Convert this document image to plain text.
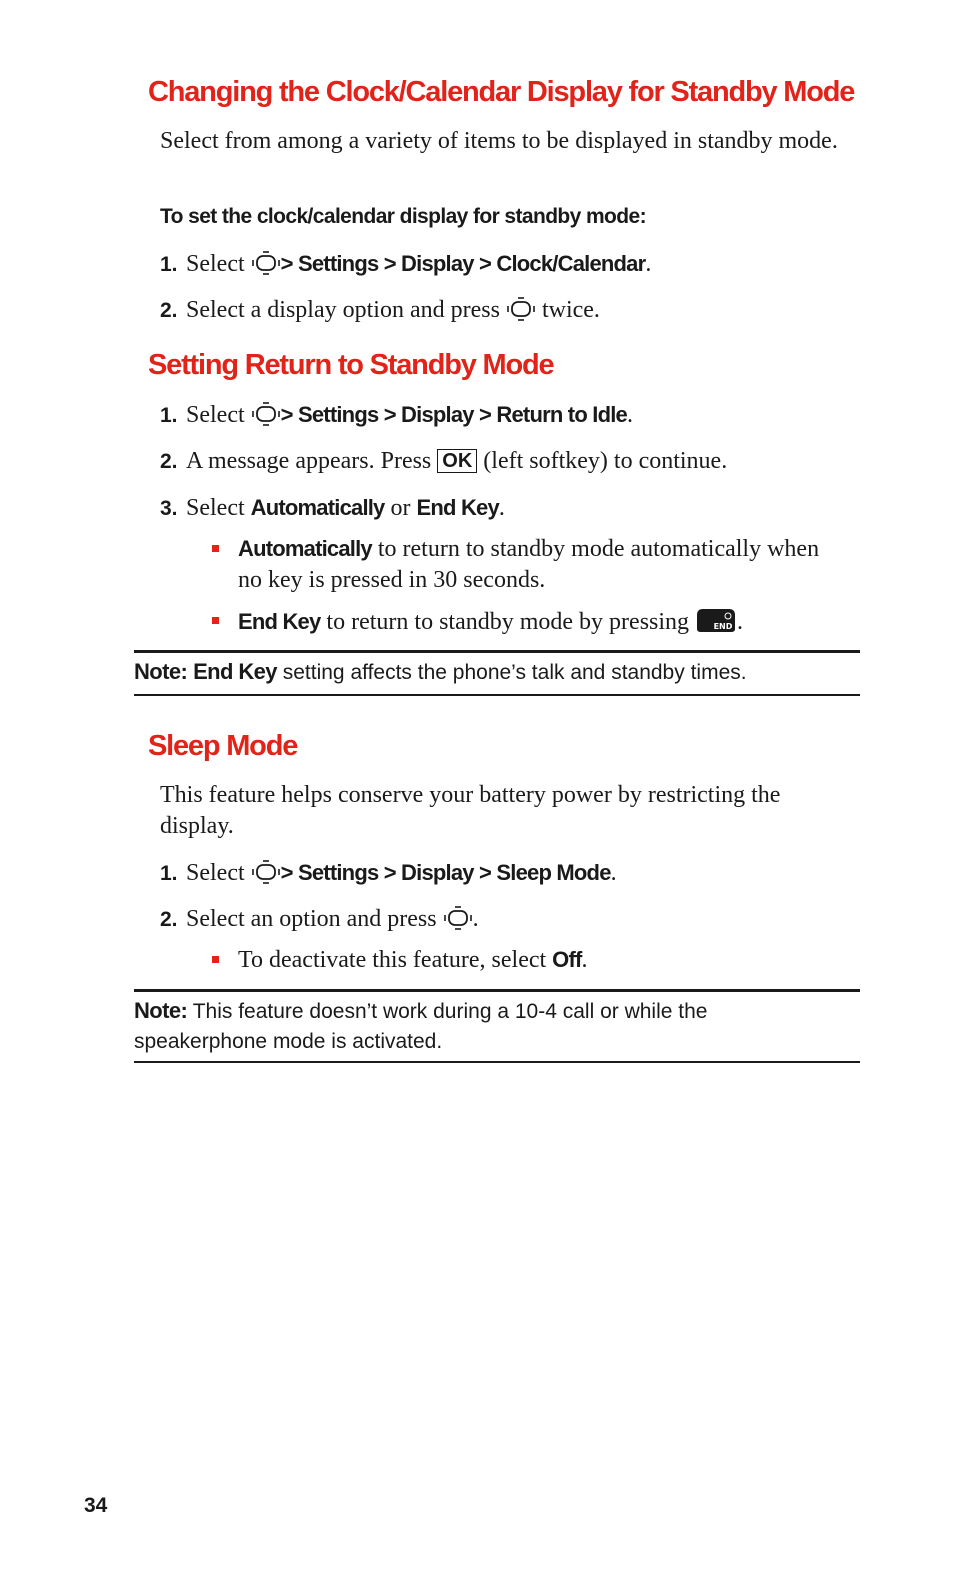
Changing the Clock/Calendar Display for Standby Mode

Select from among a variety of items to be displayed in standby mode.

To set the clock/calendar display for standby mode:

1. Select > Settings > Display > Clock/Calendar.
2. Select a display option and press twice.
Setting Return to Standby Mode
1. Select > Settings > Display > Return to Idle.
2. A message appears. Press OK (left softkey) to continue.
3. Select Automatically or End Key.
Automatically to return to standby mode automatically when no key is pressed in 30 seconds.
End Key to return to standby mode by pressing	END .
Note: End Key setting affects the phone’s talk and standby times.
Sleep Mode

This feature helps conserve your battery power by restricting the display.

1. Select > Settings > Display > Sleep Mode.
2. Select an option and press .
To deactivate this feature, select Off.
Note: This feature doesn’t work during a 10-4 call or while the
speakerphone mode is activated.

34
